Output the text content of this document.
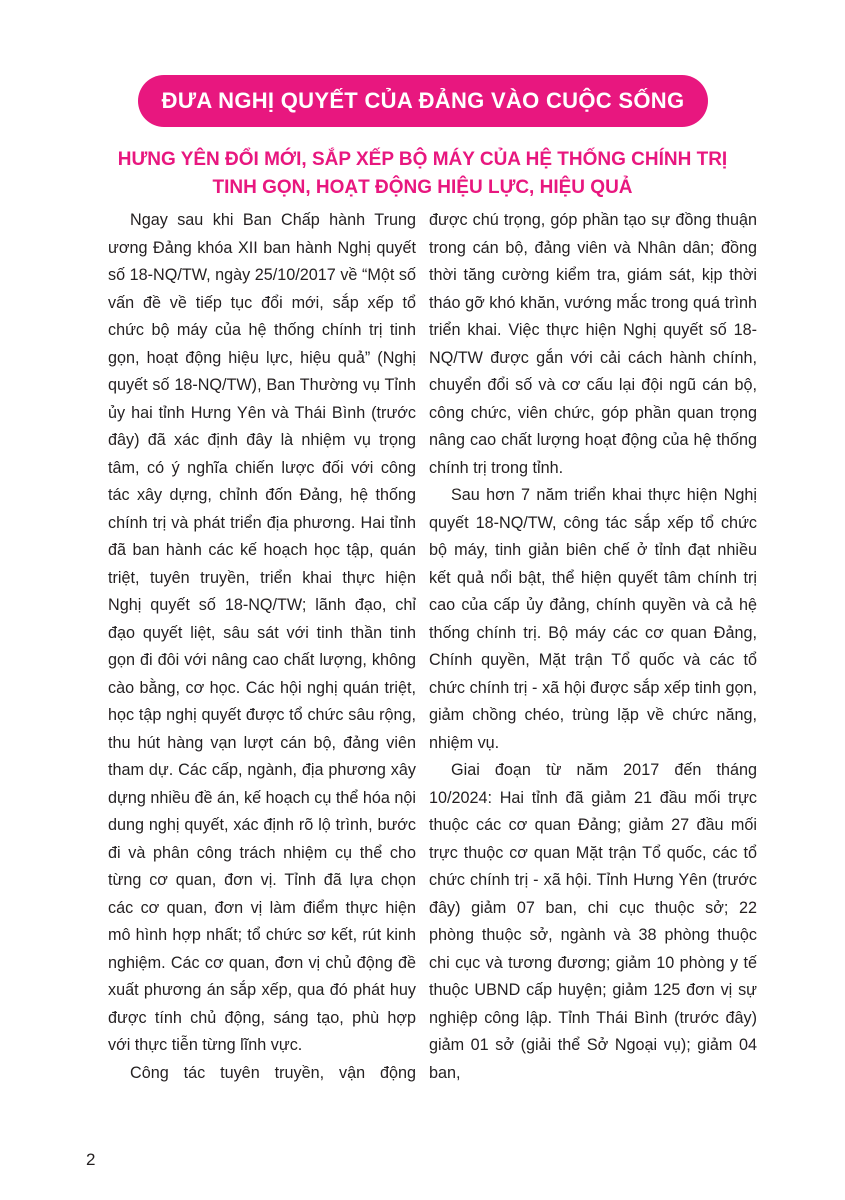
ĐƯA NGHỊ QUYẾT CỦA ĐẢNG VÀO CUỘC SỐNG
HƯNG YÊN ĐỔI MỚI, SẮP XẾP BỘ MÁY CỦA HỆ THỐNG CHÍNH TRỊ
TINH GỌN, HOẠT ĐỘNG HIỆU LỰC, HIỆU QUẢ

Ngay sau khi Ban Chấp hành Trung ương Đảng khóa XII ban hành Nghị quyết số 18-NQ/TW, ngày 25/10/2017 về “Một số vấn đề về tiếp tục đổi mới, sắp xếp tổ chức bộ máy của hệ thống chính trị tinh gọn, hoạt động hiệu lực, hiệu quả” (Nghị quyết số 18-NQ/TW), Ban Thường vụ Tỉnh ủy hai tỉnh Hưng Yên và Thái Bình (trước đây) đã xác định đây là nhiệm vụ trọng tâm, có ý nghĩa chiến lược đối với công tác xây dựng, chỉnh đốn Đảng, hệ thống chính trị và phát triển địa phương. Hai tỉnh đã ban hành các kế hoạch học tập, quán triệt, tuyên truyền, triển khai thực hiện Nghị quyết số 18-NQ/TW; lãnh đạo, chỉ đạo quyết liệt, sâu sát với tinh thần tinh gọn đi đôi với nâng cao chất lượng, không cào bằng, cơ học. Các hội nghị quán triệt, học tập nghị quyết được tổ chức sâu rộng, thu hút hàng vạn lượt cán bộ, đảng viên tham dự. Các cấp, ngành, địa phương xây dựng nhiều đề án, kế hoạch cụ thể hóa nội dung nghị quyết, xác định rõ lộ trình, bước đi và phân công trách nhiệm cụ thể cho từng cơ quan, đơn vị. Tỉnh đã lựa chọn các cơ quan, đơn vị làm điểm thực hiện mô hình hợp nhất; tổ chức sơ kết, rút kinh nghiệm. Các cơ quan, đơn vị chủ động đề xuất phương án sắp xếp, qua đó phát huy được tính chủ động, sáng tạo, phù hợp với thực tiễn từng lĩnh vực.

Công tác tuyên truyền, vận động

được chú trọng, góp phần tạo sự đồng thuận trong cán bộ, đảng viên và Nhân dân; đồng thời tăng cường kiểm tra, giám sát, kịp thời tháo gỡ khó khăn, vướng mắc trong quá trình triển khai. Việc thực hiện Nghị quyết số 18-NQ/TW được gắn với cải cách hành chính, chuyển đổi số và cơ cấu lại đội ngũ cán bộ, công chức, viên chức, góp phần quan trọng nâng cao chất lượng hoạt động của hệ thống chính trị trong tỉnh.

Sau hơn 7 năm triển khai thực hiện Nghị quyết 18-NQ/TW, công tác sắp xếp tổ chức bộ máy, tinh giản biên chế ở tỉnh đạt nhiều kết quả nổi bật, thể hiện quyết tâm chính trị cao của cấp ủy đảng, chính quyền và cả hệ thống chính trị. Bộ máy các cơ quan Đảng, Chính quyền, Mặt trận Tổ quốc và các tổ chức chính trị - xã hội được sắp xếp tinh gọn, giảm chồng chéo, trùng lặp về chức năng, nhiệm vụ.

Giai đoạn từ năm 2017 đến tháng 10/2024: Hai tỉnh đã giảm 21 đầu mối trực thuộc các cơ quan Đảng; giảm 27 đầu mối trực thuộc cơ quan Mặt trận Tổ quốc, các tổ chức chính trị - xã hội. Tỉnh Hưng Yên (trước đây) giảm 07 ban, chi cục thuộc sở; 22 phòng thuộc sở, ngành và 38 phòng thuộc chi cục và tương đương; giảm 10 phòng y tế thuộc UBND cấp huyện; giảm 125 đơn vị sự nghiệp công lập. Tỉnh Thái Bình (trước đây) giảm 01 sở (giải thể Sở Ngoại vụ); giảm 04 ban,

2
